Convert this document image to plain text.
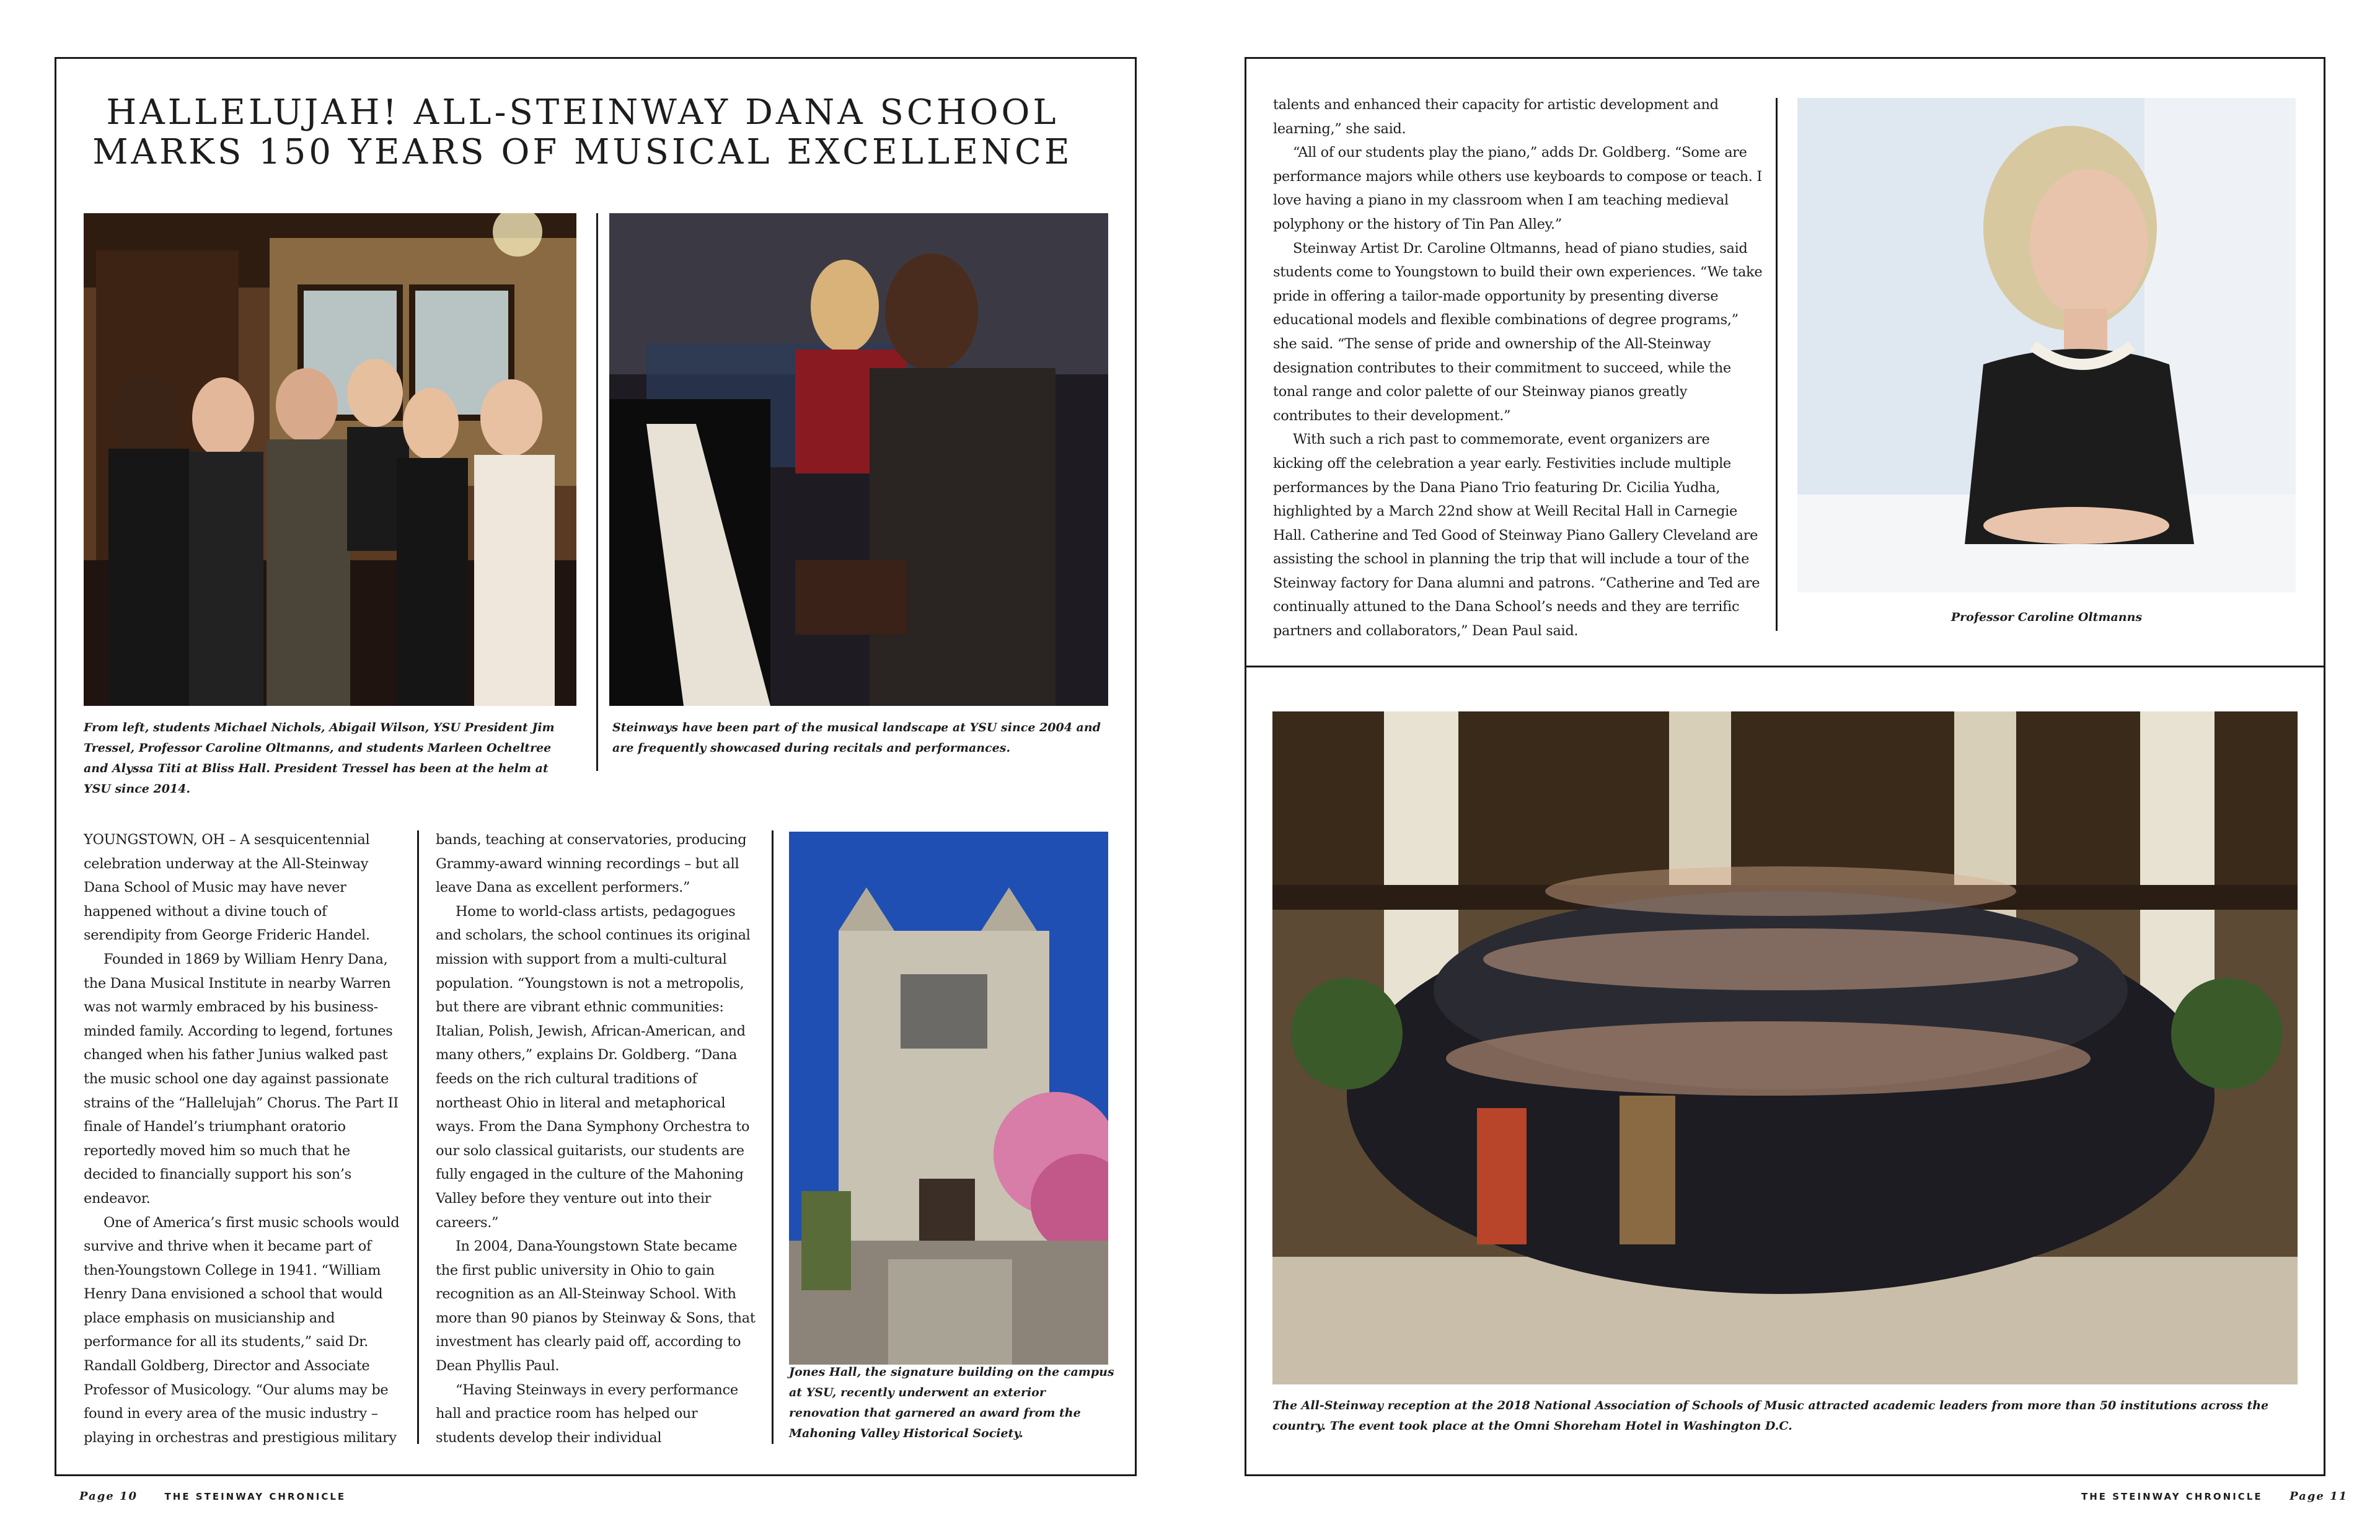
HALLELUJAH! ALL-STEINWAY DANA SCHOOL
MARKS 150 YEARS OF MUSICAL EXCELLENCE

From left, students Michael Nichols, Abigail Wilson, YSU President Jim Tressel, Professor Caroline Oltmanns, and students Marleen Ocheltree and Alyssa Titi at Bliss Hall. President Tressel has been at the helm at YSU since 2014.

Steinways have been part of the musical landscape at YSU since 2004 and are frequently showcased during recitals and performances.

YOUNGSTOWN, OH – A sesquicentennial celebration underway at the All-Steinway Dana School of Music may have never happened without a divine touch of serendipity from George Frideric Handel.

Founded in 1869 by William Henry Dana, the Dana Musical Institute in nearby Warren was not warmly embraced by his business-minded family. According to legend, fortunes changed when his father Junius walked past the music school one day against passionate strains of the “Hallelujah” Chorus. The Part II finale of Handel’s triumphant oratorio reportedly moved him so much that he decided to financially support his son’s endeavor.

One of America’s first music schools would survive and thrive when it became part of then-Youngstown College in 1941. “William Henry Dana envisioned a school that would place emphasis on musicianship and performance for all its students,” said Dr. Randall Goldberg, Director and Associate Professor of Musicology. “Our alums may be found in every area of the music industry – playing in orchestras and prestigious military

bands, teaching at conservatories, producing Grammy-award winning recordings – but all leave Dana as excellent performers.”

Home to world-class artists, pedagogues and scholars, the school continues its original mission with support from a multi-cultural population. “Youngstown is not a metropolis, but there are vibrant ethnic communities: Italian, Polish, Jewish, African-American, and many others,” explains Dr. Goldberg. “Dana feeds on the rich cultural traditions of northeast Ohio in literal and metaphorical ways. From the Dana Symphony Orchestra to our solo classical guitarists, our students are fully engaged in the culture of the Mahoning Valley before they venture out into their careers.”

In 2004, Dana-Youngstown State became the first public university in Ohio to gain recognition as an All-Steinway School. With more than 90 pianos by Steinway & Sons, that investment has clearly paid off, according to Dean Phyllis Paul.

“Having Steinways in every performance hall and practice room has helped our students develop their individual

Jones Hall, the signature building on the campus at YSU, recently underwent an exterior renovation that garnered an award from the Mahoning Valley Historical Society.

Page 10	THE STEINWAY CHRONICLE

talents and enhanced their capacity for artistic development and learning,” she said.

“All of our students play the piano,” adds Dr. Goldberg. “Some are performance majors while others use keyboards to compose or teach. I love having a piano in my classroom when I am teaching medieval polyphony or the history of Tin Pan Alley.”

Steinway Artist Dr. Caroline Oltmanns, head of piano studies, said students come to Youngstown to build their own experiences. “We take pride in offering a tailor-made opportunity by presenting diverse educational models and flexible combinations of degree programs,” she said. “The sense of pride and ownership of the All-Steinway designation contributes to their commitment to succeed, while the tonal range and color palette of our Steinway pianos greatly contributes to their development.”

With such a rich past to commemorate, event organizers are kicking off the celebration a year early. Festivities include multiple performances by the Dana Piano Trio featuring Dr. Cicilia Yudha, highlighted by a March 22nd show at Weill Recital Hall in Carnegie Hall. Catherine and Ted Good of Steinway Piano Gallery Cleveland are assisting the school in planning the trip that will include a tour of the Steinway factory for Dana alumni and patrons. “Catherine and Ted are continually attuned to the Dana School’s needs and they are terrific partners and collaborators,” Dean Paul said.

Professor Caroline Oltmanns

The All-Steinway reception at the 2018 National Association of Schools of Music attracted academic leaders from more than 50 institutions across the country. The event took place at the Omni Shoreham Hotel in Washington D.C.

THE STEINWAY CHRONICLE Page 11
